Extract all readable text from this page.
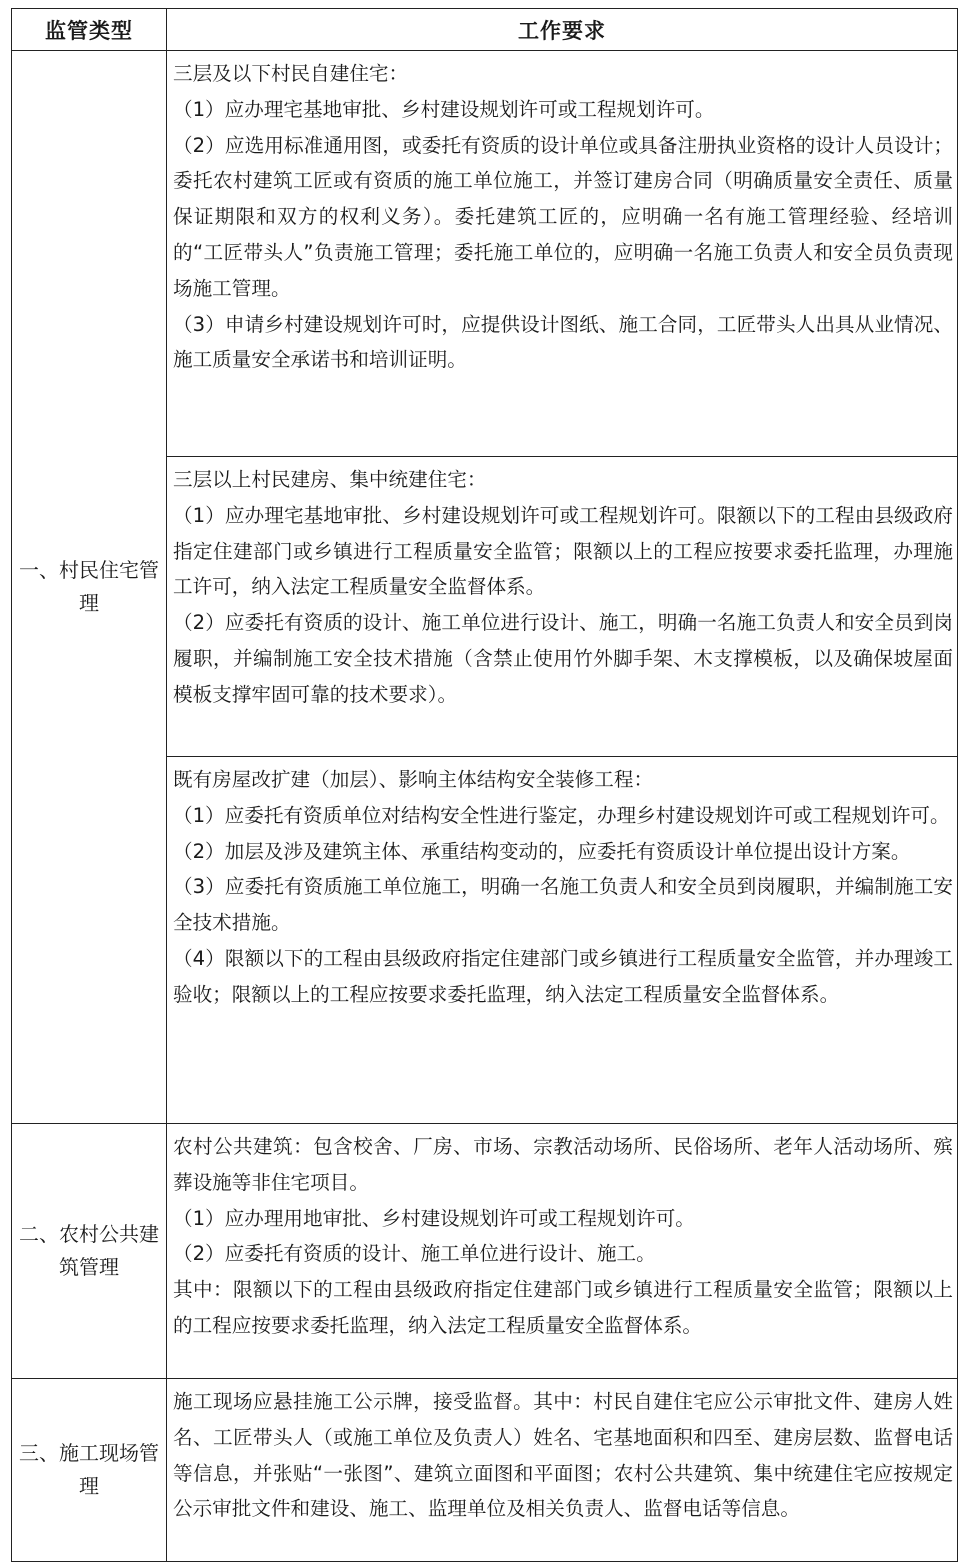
监管类型	工作要求

一、村民住宅管理	三层及以下村民自建住宅：

（1）应办理宅基地审批、乡村建设规划许可或工程规划许可。

（2）应选用标准通用图，或委托有资质的设计单位或具备注册执业资格的设计人员设计；委托农村建筑工匠或有资质的施工单位施工，并签订建房合同（明确质量安全责任、质量保证期限和双方的权利义务）。委托建筑工匠的，应明确一名有施工管理经验、经培训的“工匠带头人”负责施工管理；委托施工单位的，应明确一名施工负责人和安全员负责现场施工管理。

（3）申请乡村建设规划许可时，应提供设计图纸、施工合同，工匠带头人出具从业情况、施工质量安全承诺书和培训证明。

	三层以上村民建房、集中统建住宅：

（1）应办理宅基地审批、乡村建设规划许可或工程规划许可。限额以下的工程由县级政府指定住建部门或乡镇进行工程质量安全监管；限额以上的工程应按要求委托监理，办理施工许可，纳入法定工程质量安全监督体系。

（2）应委托有资质的设计、施工单位进行设计、施工，明确一名施工负责人和安全员到岗履职，并编制施工安全技术措施（含禁止使用竹外脚手架、木支撑模板，以及确保坡屋面模板支撑牢固可靠的技术要求）。

	既有房屋改扩建（加层）、影响主体结构安全装修工程：

（1）应委托有资质单位对结构安全性进行鉴定，办理乡村建设规划许可或工程规划许可。

（2）加层及涉及建筑主体、承重结构变动的，应委托有资质设计单位提出设计方案。

（3）应委托有资质施工单位施工，明确一名施工负责人和安全员到岗履职，并编制施工安全技术措施。

（4）限额以下的工程由县级政府指定住建部门或乡镇进行工程质量安全监管，并办理竣工验收；限额以上的工程应按要求委托监理，纳入法定工程质量安全监督体系。

二、农村公共建筑管理	农村公共建筑：包含校舍、厂房、市场、宗教活动场所、民俗场所、老年人活动场所、殡葬设施等非住宅项目。

（1）应办理用地审批、乡村建设规划许可或工程规划许可。

（2）应委托有资质的设计、施工单位进行设计、施工。

其中：限额以下的工程由县级政府指定住建部门或乡镇进行工程质量安全监管；限额以上的工程应按要求委托监理，纳入法定工程质量安全监督体系。

三、施工现场管理	施工现场应悬挂施工公示牌，接受监督。其中：村民自建住宅应公示审批文件、建房人姓名、工匠带头人（或施工单位及负责人）姓名、宅基地面积和四至、建房层数、监督电话等信息，并张贴“一张图”、建筑立面图和平面图；农村公共建筑、集中统建住宅应按规定公示审批文件和建设、施工、监理单位及相关负责人、监督电话等信息。
